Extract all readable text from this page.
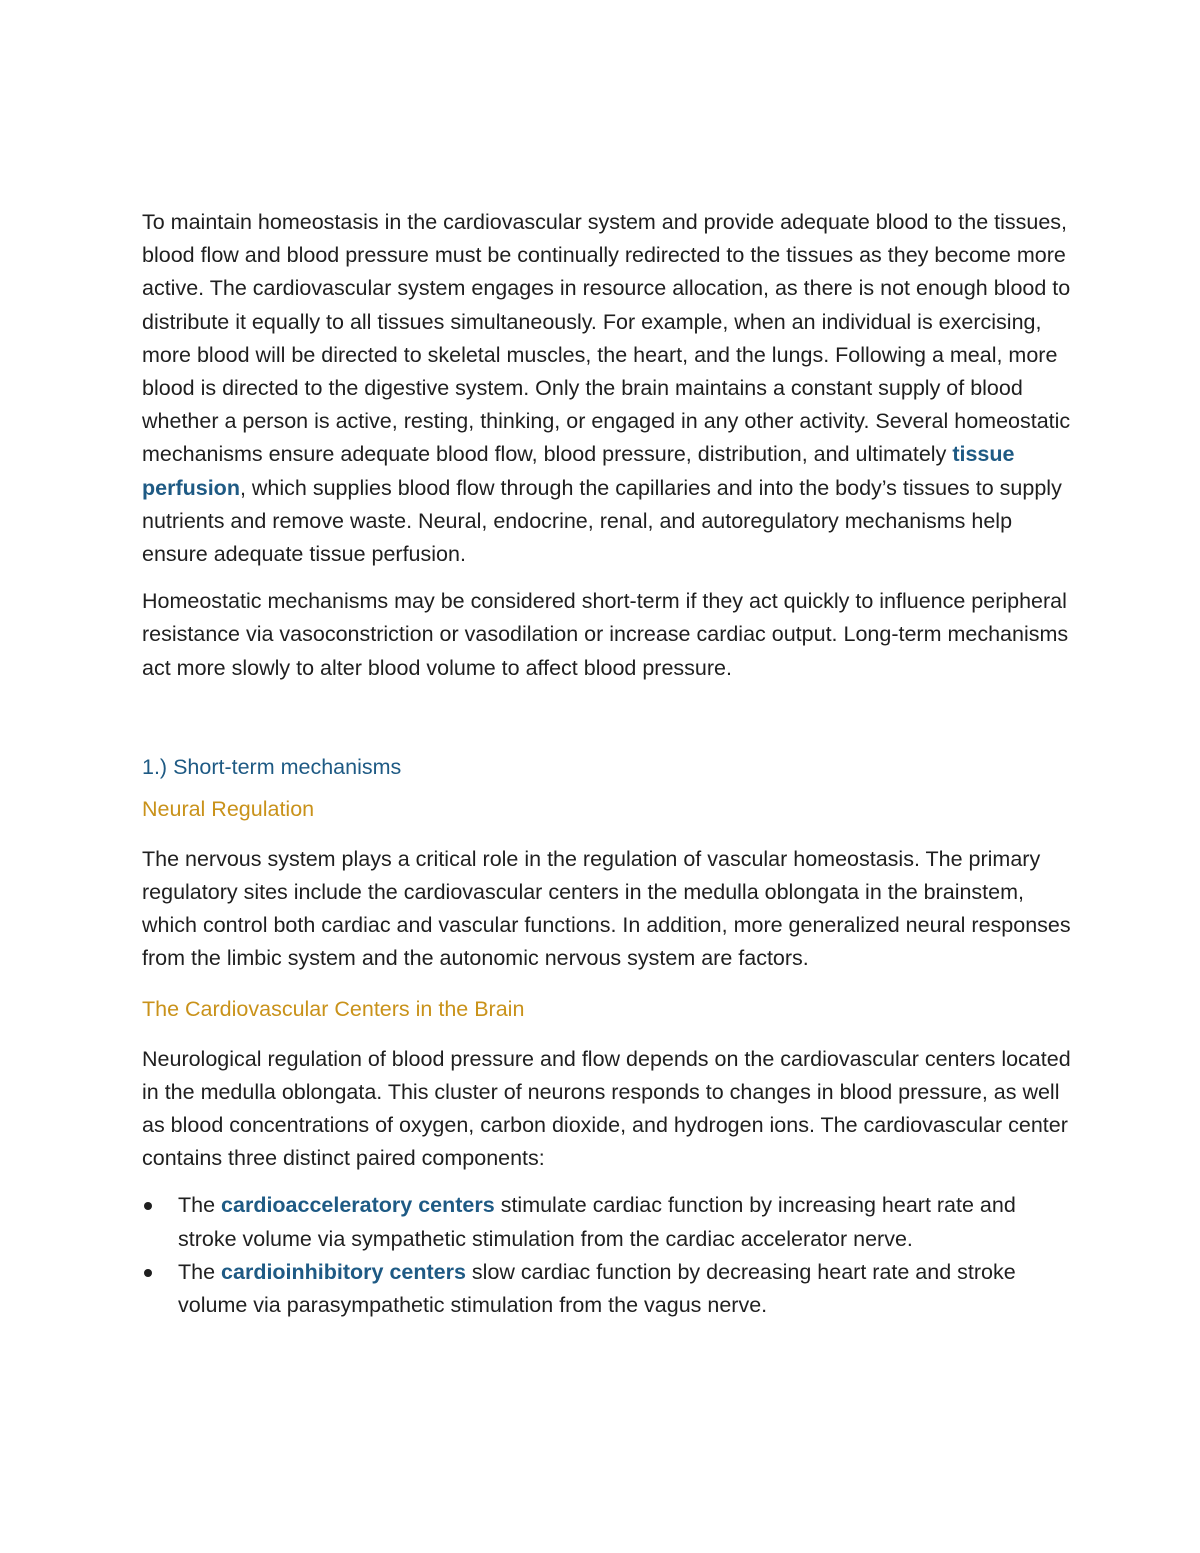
To maintain homeostasis in the cardiovascular system and provide adequate blood to the tissues, blood flow and blood pressure must be continually redirected to the tissues as they become more active. The cardiovascular system engages in resource allocation, as there is not enough blood to distribute it equally to all tissues simultaneously. For example, when an individual is exercising, more blood will be directed to skeletal muscles, the heart, and the lungs. Following a meal, more blood is directed to the digestive system. Only the brain maintains a constant supply of blood whether a person is active, resting, thinking, or engaged in any other activity. Several homeostatic mechanisms ensure adequate blood flow, blood pressure, distribution, and ultimately tissue perfusion, which supplies blood flow through the capillaries and into the body’s tissues to supply nutrients and remove waste. Neural, endocrine, renal, and autoregulatory mechanisms help ensure adequate tissue perfusion.

Homeostatic mechanisms may be considered short-term if they act quickly to influence peripheral resistance via vasoconstriction or vasodilation or increase cardiac output. Long-term mechanisms act more slowly to alter blood volume to affect blood pressure.

1.) Short-term mechanisms

Neural Regulation

The nervous system plays a critical role in the regulation of vascular homeostasis. The primary regulatory sites include the cardiovascular centers in the medulla oblongata in the brainstem, which control both cardiac and vascular functions. In addition, more generalized neural responses from the limbic system and the autonomic nervous system are factors.

The Cardiovascular Centers in the Brain

Neurological regulation of blood pressure and flow depends on the cardiovascular centers located in the medulla oblongata. This cluster of neurons responds to changes in blood pressure, as well as blood concentrations of oxygen, carbon dioxide, and hydrogen ions. The cardiovascular center contains three distinct paired components:

The cardioacceleratory centers stimulate cardiac function by increasing heart rate and stroke volume via sympathetic stimulation from the cardiac accelerator nerve.
The cardioinhibitory centers slow cardiac function by decreasing heart rate and stroke volume via parasympathetic stimulation from the vagus nerve.
